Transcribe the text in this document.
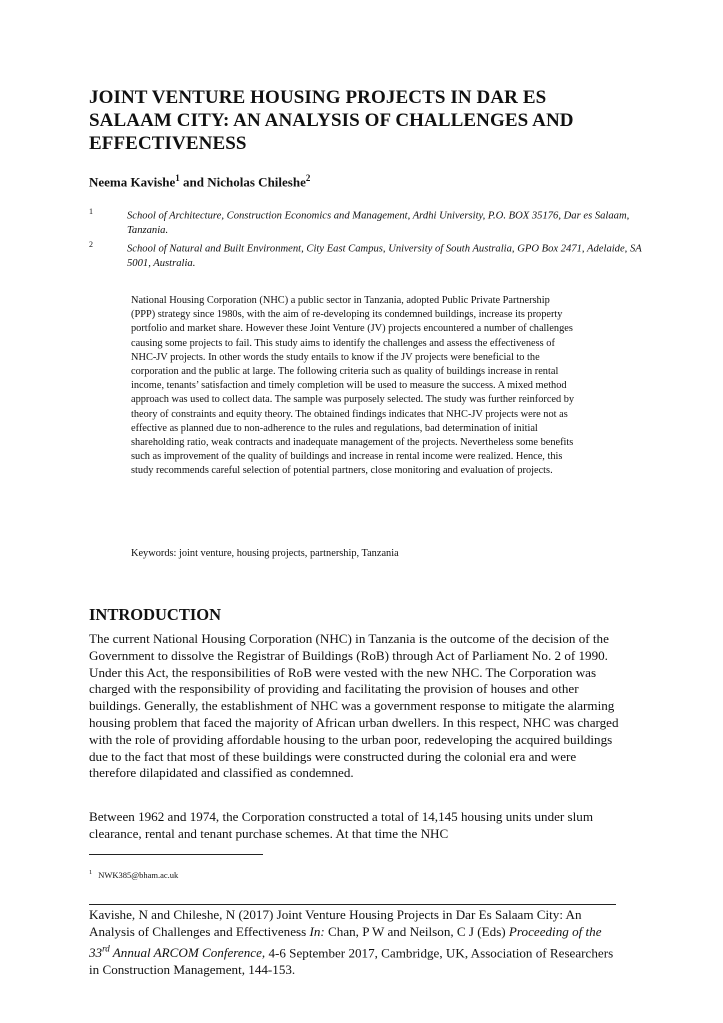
JOINT VENTURE HOUSING PROJECTS IN DAR ES SALAAM CITY: AN ANALYSIS OF CHALLENGES AND EFFECTIVENESS

Neema Kavishe$^1$ and Nicholas Chileshe$^2$

$^1$	School of Architecture, Construction Economics and Management, Ardhi University, P.O. BOX 35176, Dar es Salaam, Tanzania.

$^2$	School of Natural and Built Environment, City East Campus, University of South Australia, GPO Box 2471, Adelaide, SA 5001, Australia.

National Housing Corporation (NHC) a public sector in Tanzania, adopted Public Private Partnership (PPP) strategy since 1980s, with the aim of re-developing its condemned buildings, increase its property portfolio and market share. However these Joint Venture (JV) projects encountered a number of challenges causing some projects to fail. This study aims to identify the challenges and assess the effectiveness of NHC-JV projects. In other words the study entails to know if the JV projects were beneficial to the corporation and the public at large. The following criteria such as quality of buildings increase in rental income, tenants’ satisfaction and timely completion will be used to measure the success. A mixed method approach was used to collect data. The sample was purposely selected. The study was further reinforced by theory of constraints and equity theory. The obtained findings indicates that NHC-JV projects were not as effective as planned due to non-adherence to the rules and regulations, bad determination of initial shareholding ratio, weak contracts and inadequate management of the projects. Nevertheless some benefits such as improvement of the quality of buildings and increase in rental income were realized. Hence, this study recommends careful selection of potential partners, close monitoring and evaluation of projects.

Keywords: joint venture, housing projects, partnership, Tanzania

INTRODUCTION

The current National Housing Corporation (NHC) in Tanzania is the outcome of the decision of the Government to dissolve the Registrar of Buildings (RoB) through Act of Parliament No. 2 of 1990. Under this Act, the responsibilities of RoB were vested with the new NHC. The Corporation was charged with the responsibility of providing and facilitating the provision of houses and other buildings. Generally, the establishment of NHC was a government response to mitigate the alarming housing problem that faced the majority of African urban dwellers. In this respect, NHC was charged with the role of providing affordable housing to the urban poor, redeveloping the acquired buildings due to the fact that most of these buildings were constructed during the colonial era and were therefore dilapidated and classified as condemned.

Between 1962 and 1974, the Corporation constructed a total of 14,145 housing units under slum clearance, rental and tenant purchase schemes. At that time the NHC

$^1$ NWK385@bham.ac.uk

Kavishe, N and Chileshe, N (2017) Joint Venture Housing Projects in Dar Es Salaam City: An Analysis of Challenges and Effectiveness In: Chan, P W and Neilson, C J (Eds) Proceeding of the 33rd Annual ARCOM Conference, 4-6 September 2017, Cambridge, UK, Association of Researchers in Construction Management, 144-153.
